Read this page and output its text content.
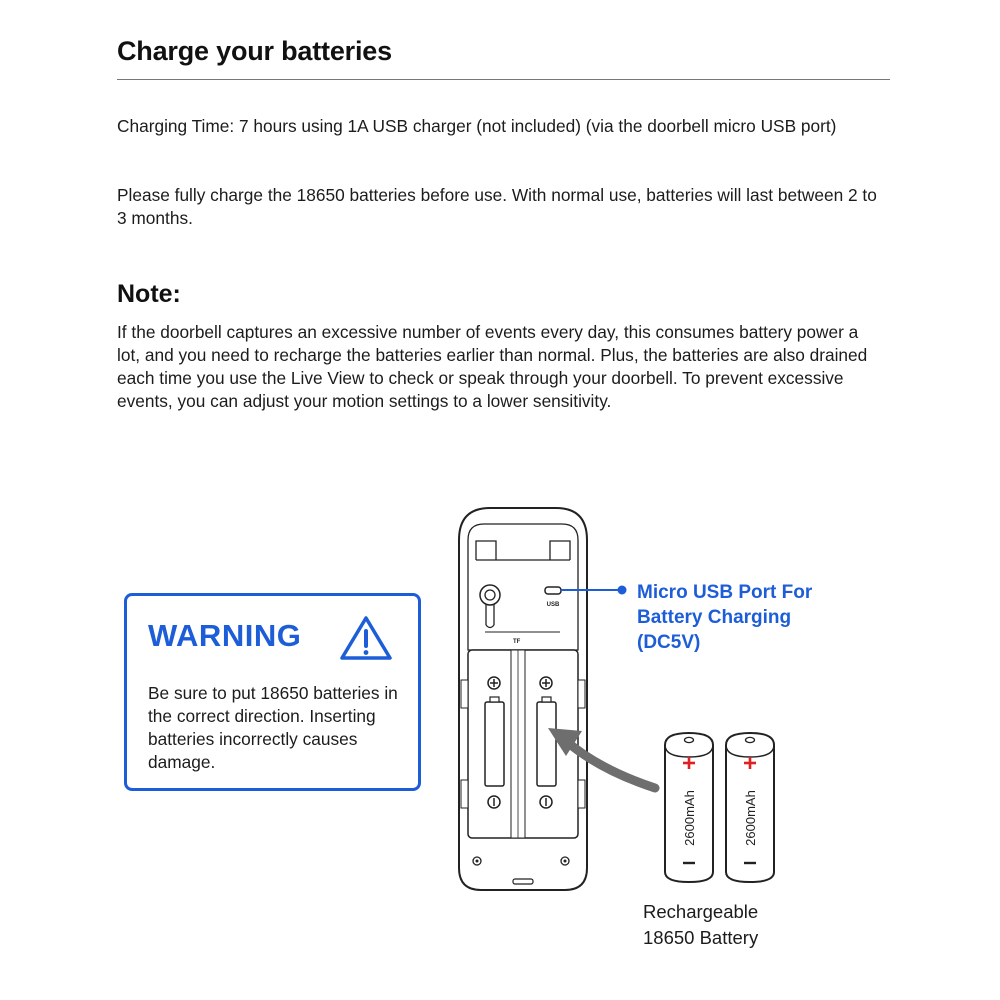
Charge your batteries

Charging Time: 7 hours using 1A USB charger (not included) (via the doorbell micro USB port)

Please fully charge the 18650 batteries before use. With normal use, batteries will last between 2 to 3 months.

Note:

If the doorbell captures an excessive number of events every day, this consumes battery power a lot, and you need to recharge the batteries earlier than normal. Plus, the batteries are also drained each time you use the Live View to check or speak through your doorbell. To prevent excessive events, you can adjust your motion settings to a lower sensitivity.

WARNING

Be sure to put 18650 batteries in the correct direction. Inserting batteries incorrectly causes damage.

USB
TF
2600mAh	2600mAh

Micro USB Port For
Battery Charging
(DC5V)

Rechargeable
18650 Battery
